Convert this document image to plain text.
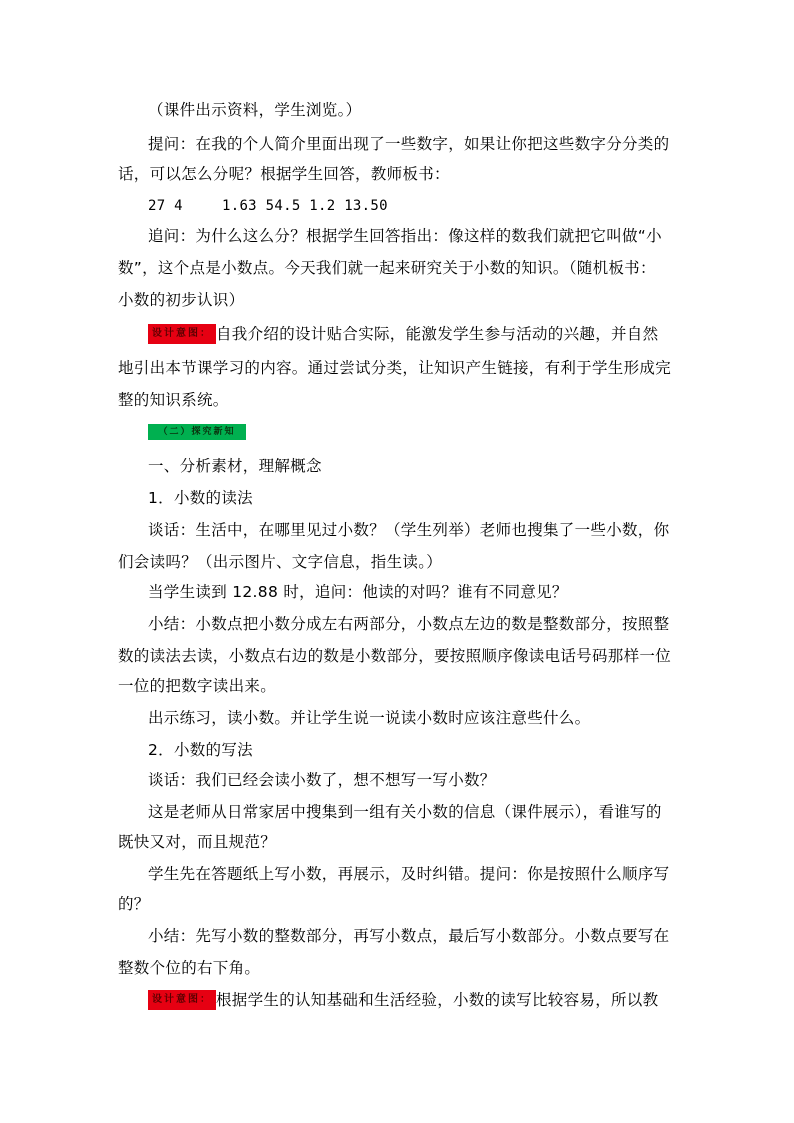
（课件出示资料，学生浏览。）
提问：在我的个人简介里面出现了一些数字，如果让你把这些数字分分类的
话，可以怎么分呢？根据学生回答，教师板书：
27 4	1.63 54.5 1.2 13.50
追问：为什么这么分？根据学生回答指出：像这样的数我们就把它叫做“小
数”，这个点是小数点。今天我们就一起来研究关于小数的知识。（随机板书：
小数的初步认识）
设计意图： 自我介绍的设计贴合实际，能激发学生参与活动的兴趣，并自然
地引出本节课学习的内容。通过尝试分类，让知识产生链接，有利于学生形成完
整的知识系统。
（二）探究新知
一、分析素材，理解概念
1．小数的读法
谈话：生活中，在哪里见过小数？（学生列举）老师也搜集了一些小数，你
们会读吗？（出示图片、文字信息，指生读。）
当学生读到 12.88 时，追问：他读的对吗？谁有不同意见？
小结：小数点把小数分成左右两部分，小数点左边的数是整数部分，按照整
数的读法去读，小数点右边的数是小数部分，要按照顺序像读电话号码那样一位
一位的把数字读出来。
出示练习，读小数。并让学生说一说读小数时应该注意些什么。
2．小数的写法
谈话：我们已经会读小数了，想不想写一写小数？
这是老师从日常家居中搜集到一组有关小数的信息（课件展示），看谁写的
既快又对，而且规范？
学生先在答题纸上写小数，再展示，及时纠错。提问：你是按照什么顺序写
的？
小结：先写小数的整数部分，再写小数点，最后写小数部分。小数点要写在
整数个位的右下角。
设计意图： 根据学生的认知基础和生活经验，小数的读写比较容易，所以教
